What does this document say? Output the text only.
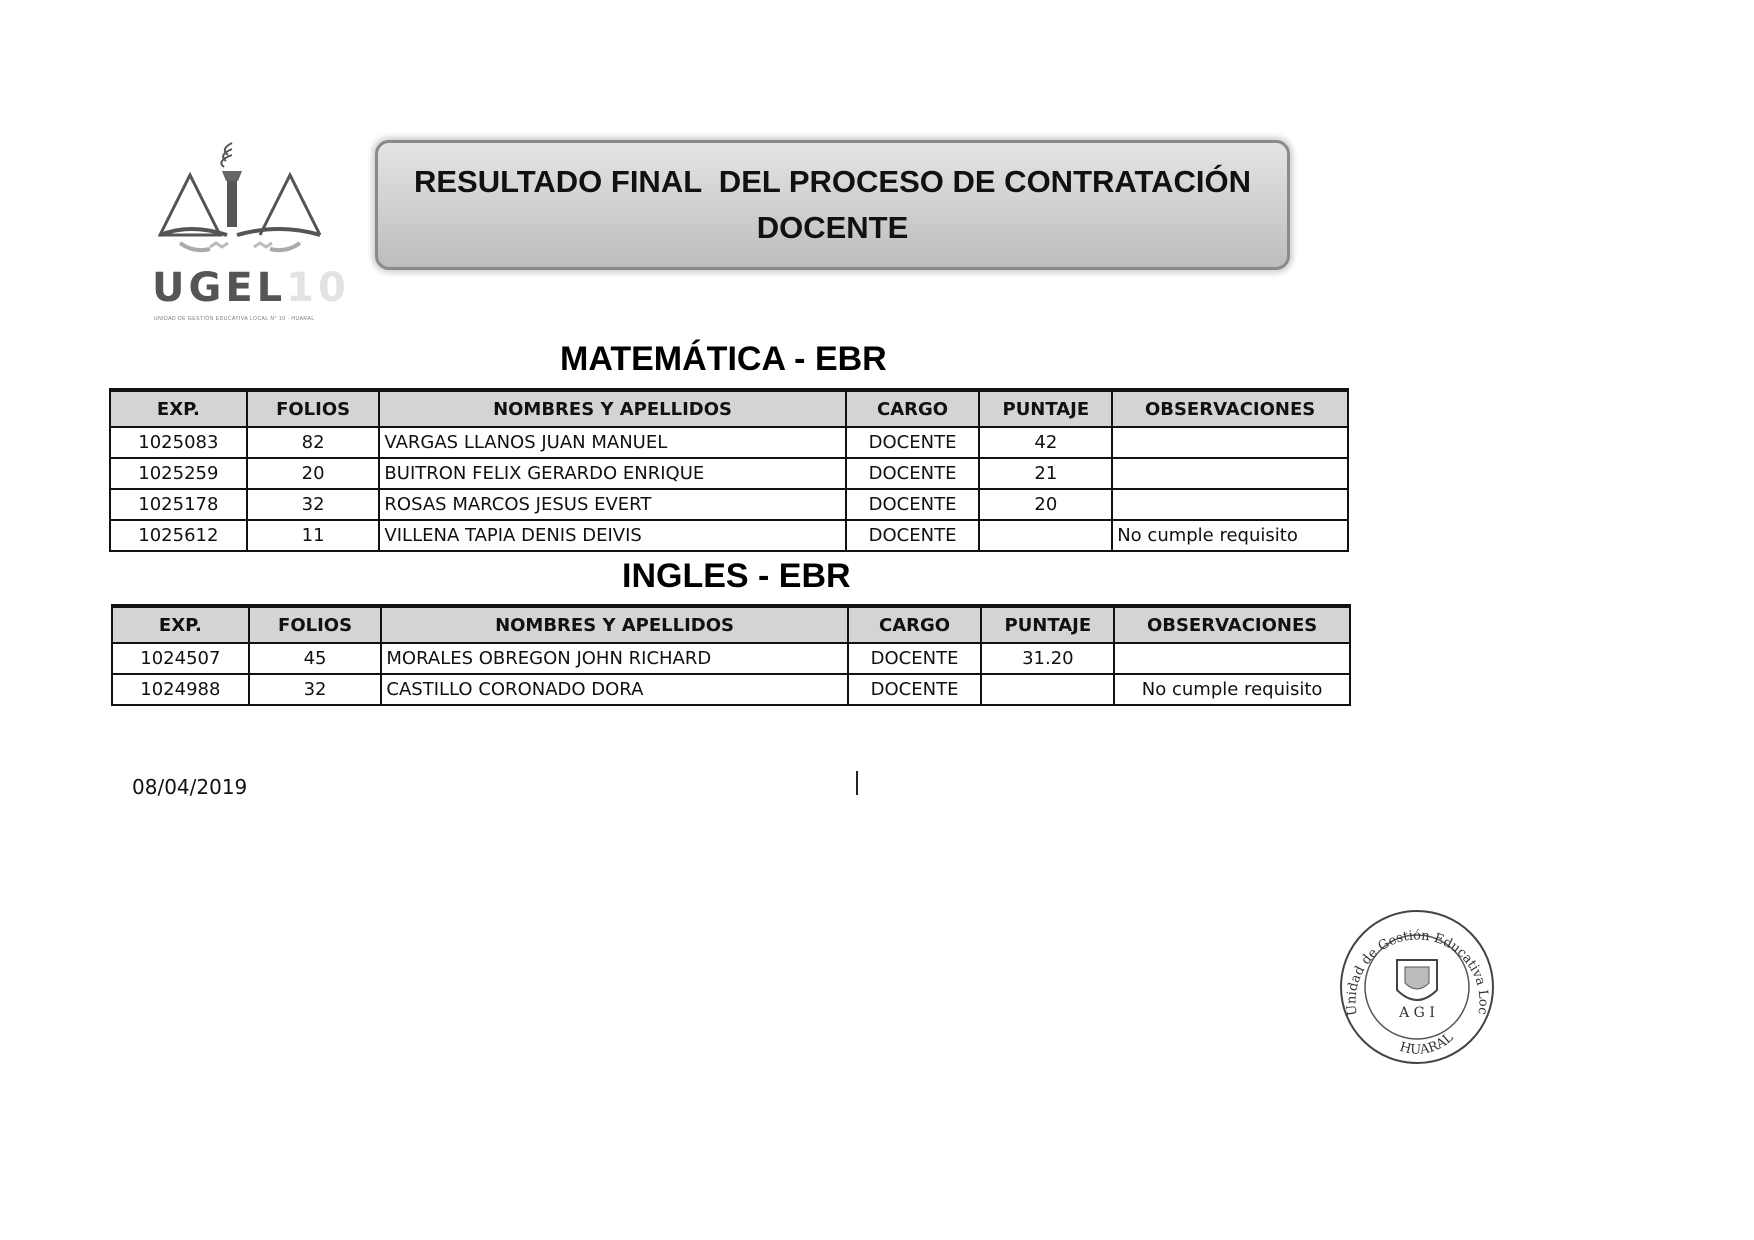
UGEL10
UNIDAD DE GESTIÓN EDUCATIVA LOCAL N° 10 · HUARAL
RESULTADO FINAL  DEL PROCESO DE CONTRATACIÓN
DOCENTE
MATEMÁTICA - EBR
EXP.	FOLIOS	NOMBRES Y APELLIDOS	CARGO	PUNTAJE	OBSERVACIONES
1025083	82	VARGAS LLANOS JUAN MANUEL	DOCENTE	42	
1025259	20	BUITRON FELIX GERARDO ENRIQUE	DOCENTE	21	
1025178	32	ROSAS MARCOS JESUS EVERT	DOCENTE	20	
1025612	11	VILLENA TAPIA DENIS DEIVIS	DOCENTE		No cumple requisito
INGLES - EBR
EXP.	FOLIOS	NOMBRES Y APELLIDOS	CARGO	PUNTAJE	OBSERVACIONES
1024507	45	MORALES OBREGON JOHN RICHARD	DOCENTE	31.20	
1024988	32	CASTILLO CORONADO DORA	DOCENTE		No cumple requisito
08/04/2019
Unidad de Gestión Educativa Loc
HUARAL
A G I
